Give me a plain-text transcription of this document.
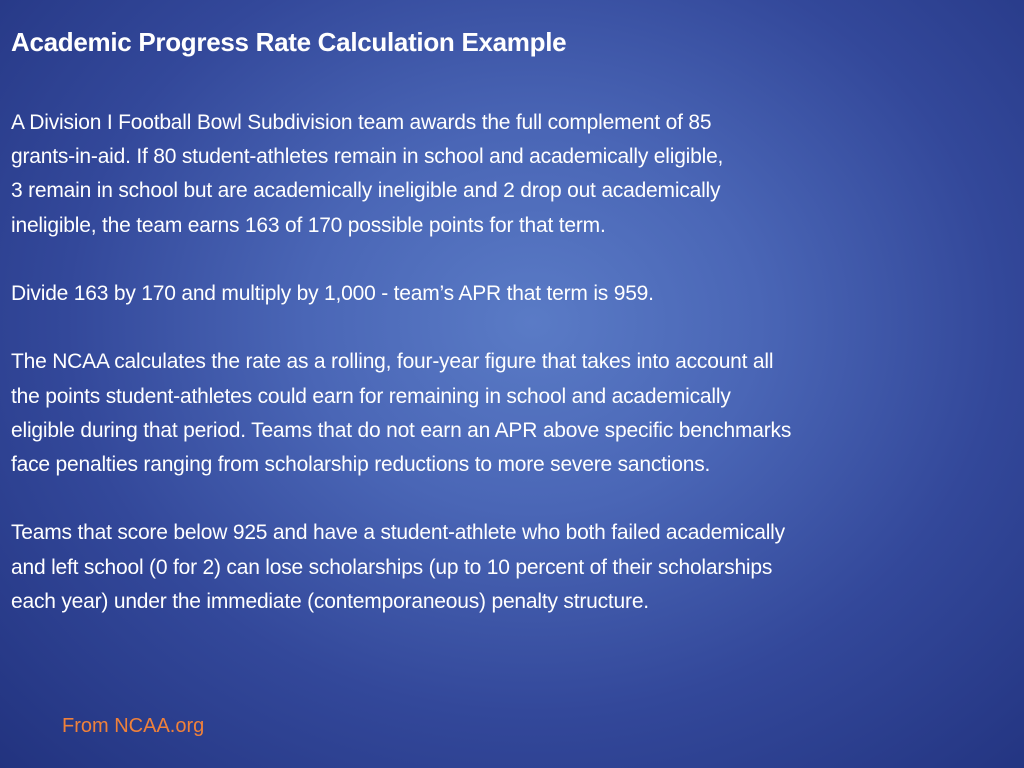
Academic Progress Rate Calculation Example

A Division I Football Bowl Subdivision team awards the full complement of 85
grants-in-aid. If 80 student-athletes remain in school and academically eligible,
3 remain in school but are academically ineligible and 2 drop out academically
ineligible, the team earns 163 of 170 possible points for that term.

Divide 163 by 170 and multiply by 1,000 - team’s APR that term is 959.

The NCAA calculates the rate as a rolling, four-year figure that takes into account all
the points student-athletes could earn for remaining in school and academically
eligible during that period. Teams that do not earn an APR above specific benchmarks
face penalties ranging from scholarship reductions to more severe sanctions.

Teams that score below 925 and have a student-athlete who both failed academically
and left school (0 for 2) can lose scholarships (up to 10 percent of their scholarships
each year) under the immediate (contemporaneous) penalty structure.

From NCAA.org
